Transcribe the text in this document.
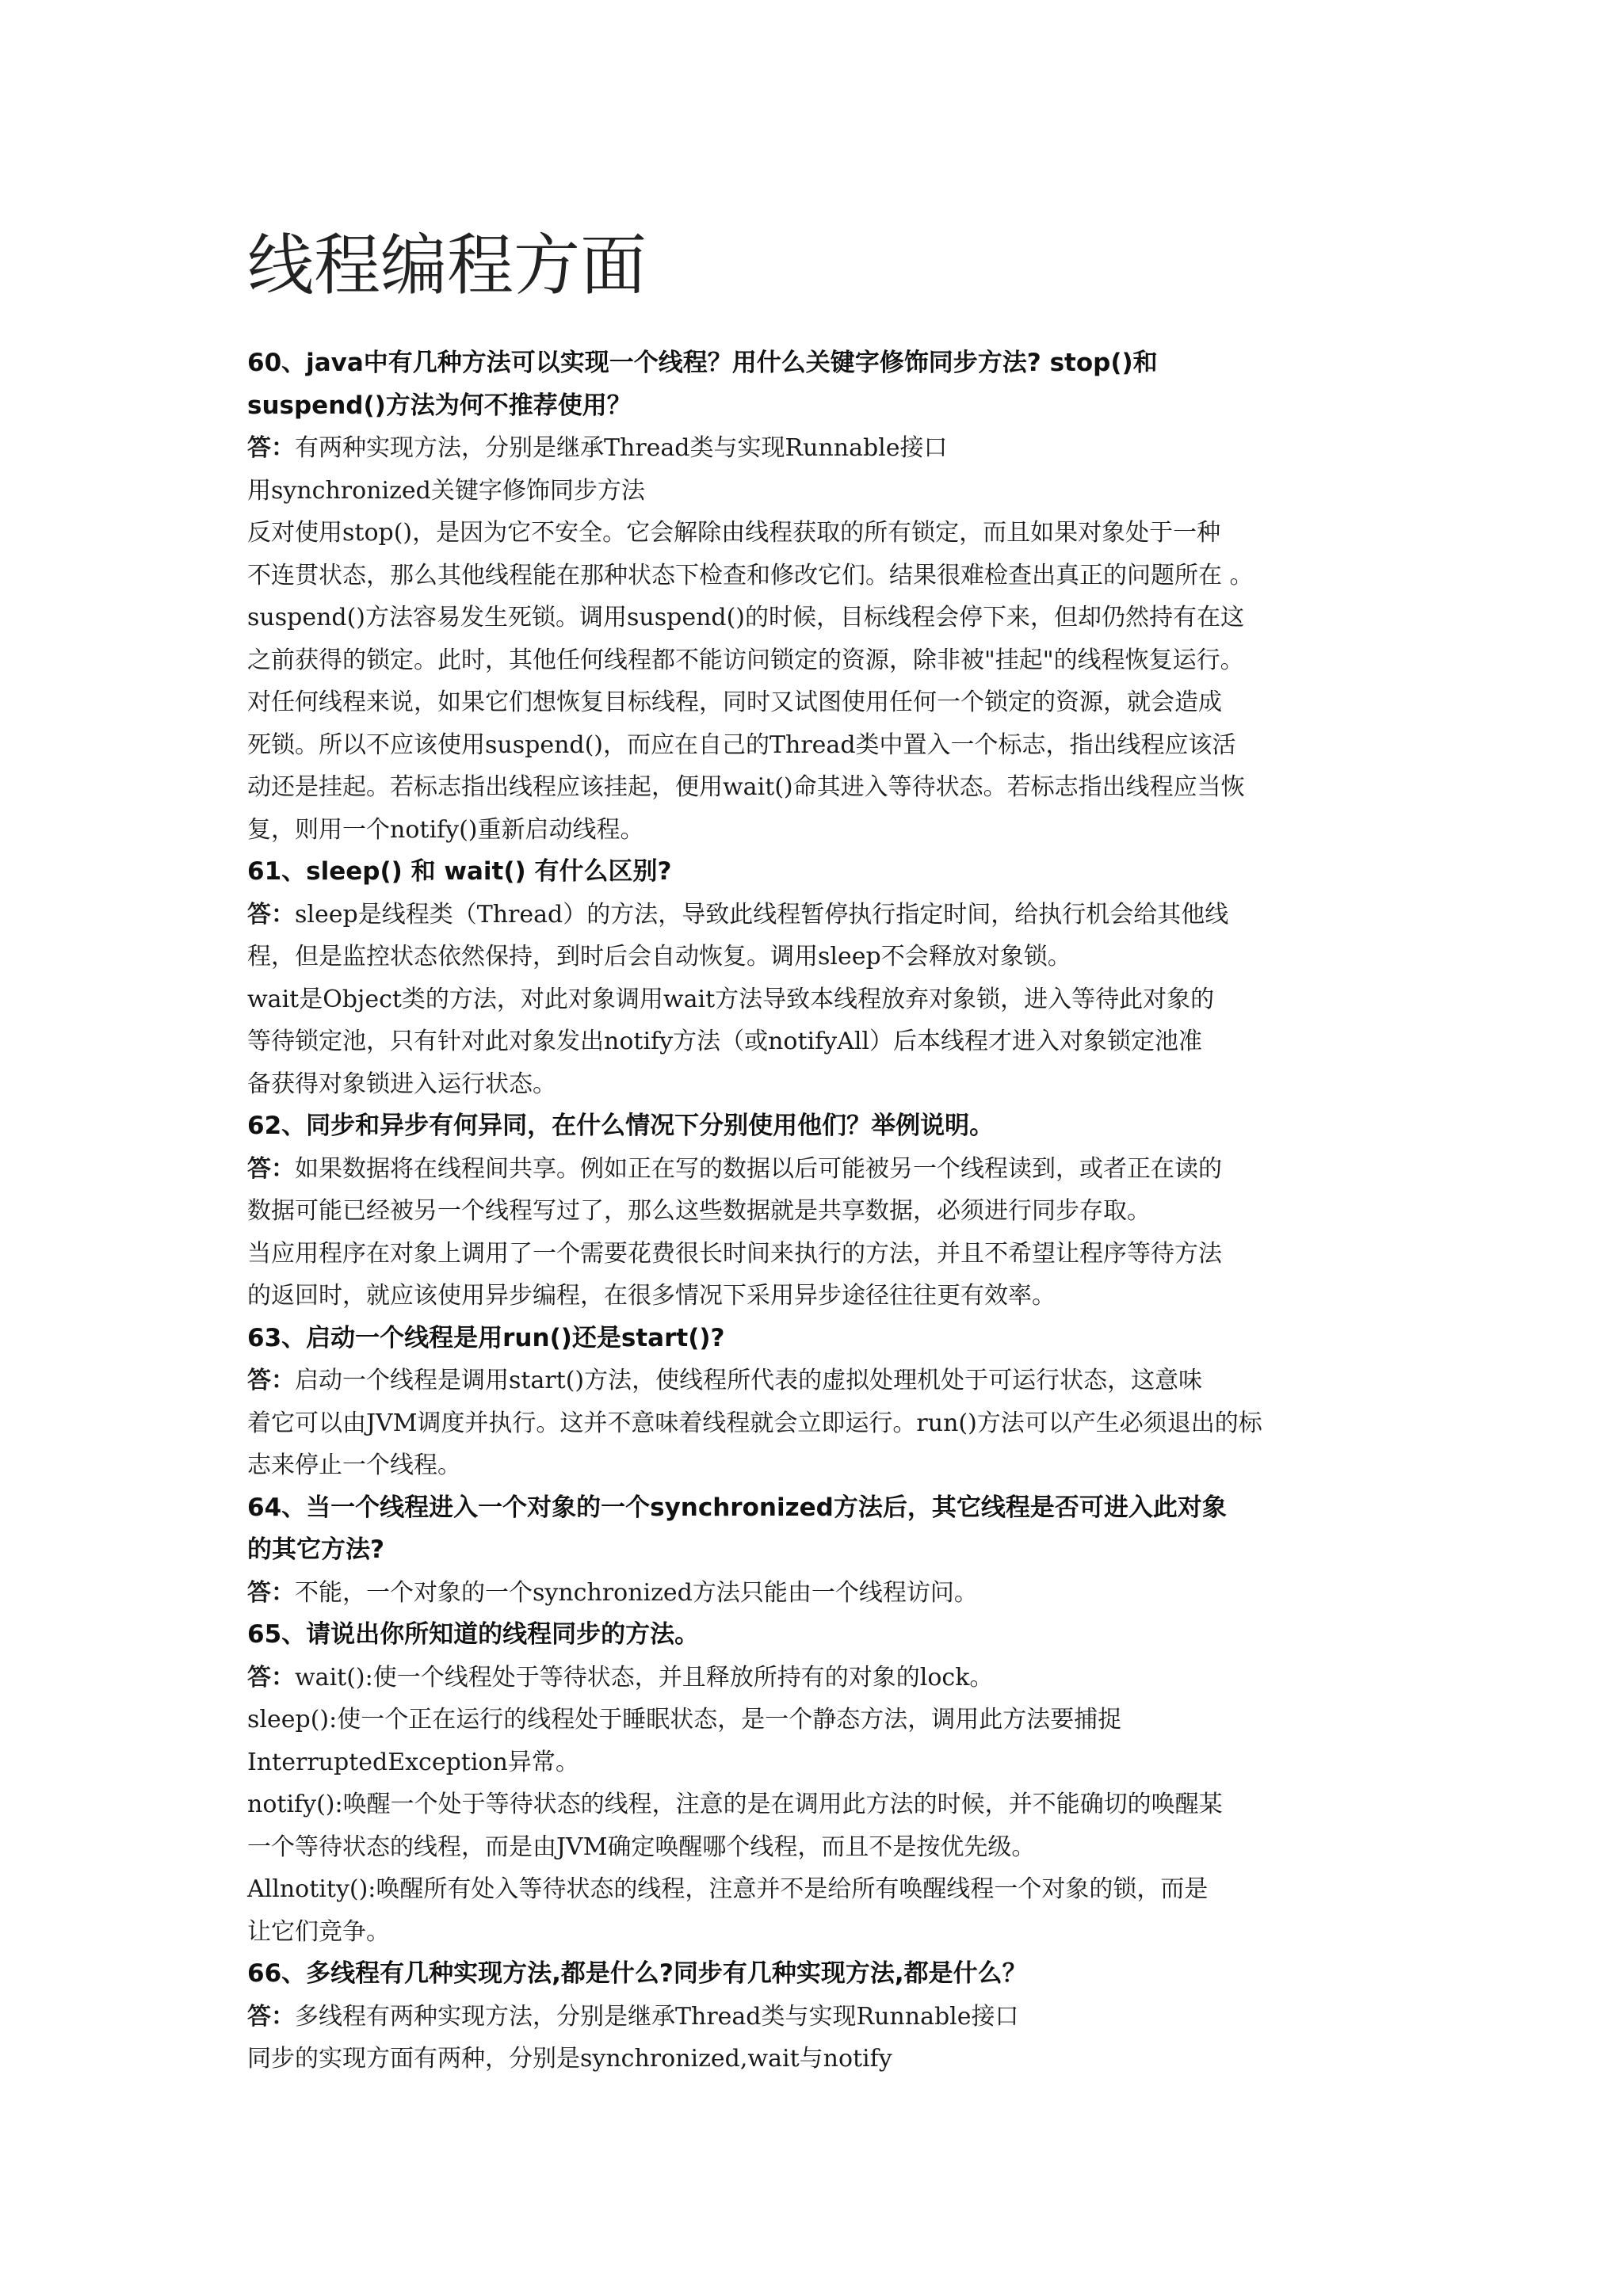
线程编程方面
60、java中有几种方法可以实现一个线程？用什么关键字修饰同步方法? stop()和
suspend()方法为何不推荐使用？
答：有两种实现方法，分别是继承Thread类与实现Runnable接口
用synchronized关键字修饰同步方法
反对使用stop()，是因为它不安全。它会解除由线程获取的所有锁定，而且如果对象处于一种
不连贯状态，那么其他线程能在那种状态下检查和修改它们。结果很难检查出真正的问题所在 。
suspend()方法容易发生死锁。调用suspend()的时候，目标线程会停下来，但却仍然持有在这
之前获得的锁定。此时，其他任何线程都不能访问锁定的资源，除非被"挂起"的线程恢复运行。
对任何线程来说，如果它们想恢复目标线程，同时又试图使用任何一个锁定的资源，就会造成
死锁。所以不应该使用suspend()，而应在自己的Thread类中置入一个标志，指出线程应该活
动还是挂起。若标志指出线程应该挂起，便用wait()命其进入等待状态。若标志指出线程应当恢
复，则用一个notify()重新启动线程。
61、sleep() 和 wait() 有什么区别?
答：sleep是线程类（Thread）的方法，导致此线程暂停执行指定时间，给执行机会给其他线
程，但是监控状态依然保持，到时后会自动恢复。调用sleep不会释放对象锁。
wait是Object类的方法，对此对象调用wait方法导致本线程放弃对象锁，进入等待此对象的
等待锁定池，只有针对此对象发出notify方法（或notifyAll）后本线程才进入对象锁定池准
备获得对象锁进入运行状态。
62、同步和异步有何异同，在什么情况下分别使用他们？举例说明。
答：如果数据将在线程间共享。例如正在写的数据以后可能被另一个线程读到，或者正在读的
数据可能已经被另一个线程写过了，那么这些数据就是共享数据，必须进行同步存取。
当应用程序在对象上调用了一个需要花费很长时间来执行的方法，并且不希望让程序等待方法
的返回时，就应该使用异步编程，在很多情况下采用异步途径往往更有效率。
63、启动一个线程是用run()还是start()?
答：启动一个线程是调用start()方法，使线程所代表的虚拟处理机处于可运行状态，这意味
着它可以由JVM调度并执行。这并不意味着线程就会立即运行。run()方法可以产生必须退出的标
志来停止一个线程。
64、当一个线程进入一个对象的一个synchronized方法后，其它线程是否可进入此对象
的其它方法?
答：不能，一个对象的一个synchronized方法只能由一个线程访问。
65、请说出你所知道的线程同步的方法。
答：wait():使一个线程处于等待状态，并且释放所持有的对象的lock。
sleep():使一个正在运行的线程处于睡眠状态，是一个静态方法，调用此方法要捕捉
InterruptedException异常。
notify():唤醒一个处于等待状态的线程，注意的是在调用此方法的时候，并不能确切的唤醒某
一个等待状态的线程，而是由JVM确定唤醒哪个线程，而且不是按优先级。
Allnotity():唤醒所有处入等待状态的线程，注意并不是给所有唤醒线程一个对象的锁，而是
让它们竞争。
66、多线程有几种实现方法,都是什么?同步有几种实现方法,都是什么？
答：多线程有两种实现方法，分别是继承Thread类与实现Runnable接口
同步的实现方面有两种，分别是synchronized,wait与notify
